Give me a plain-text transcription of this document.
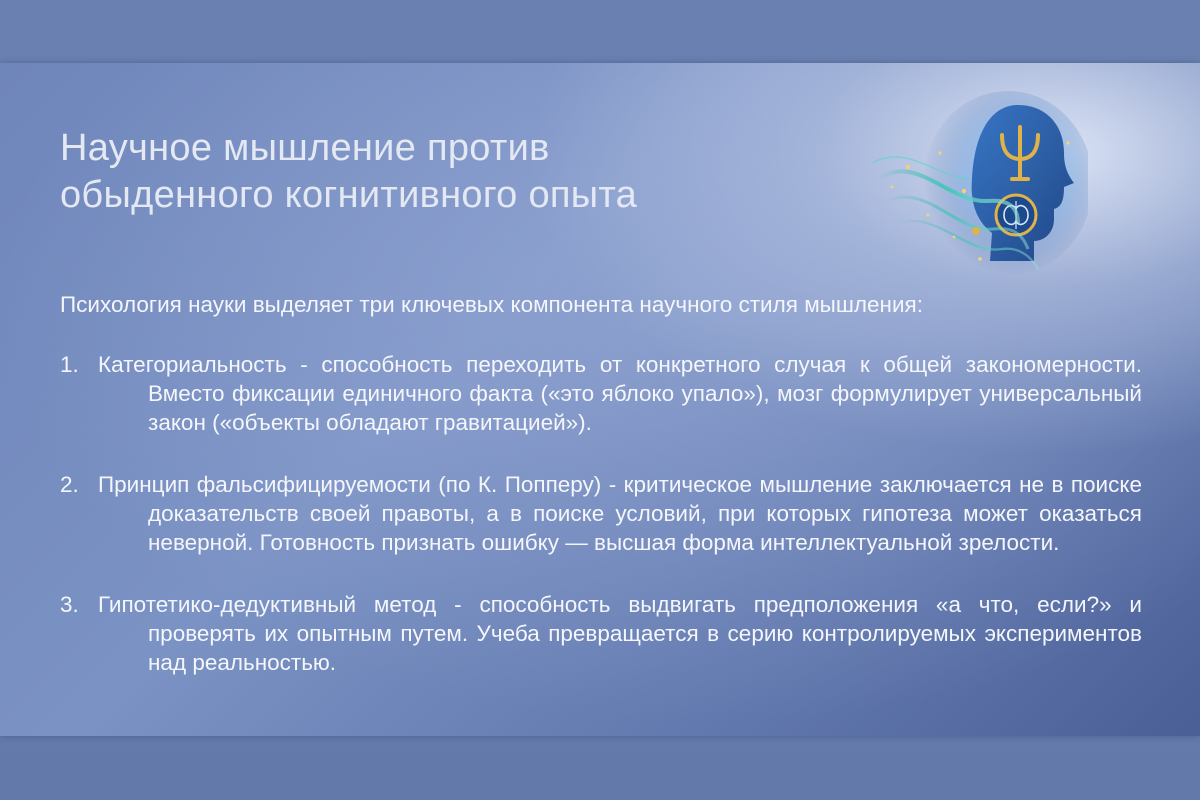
Научное мышление против
обыденного когнитивного опыта

Психология науки выделяет три ключевых компонента научного стиля мышления:

1. Категориальность - способность переходить от конкретного случая к общей закономерности. Вместо фиксации единичного факта («это яблоко упало»), мозг формулирует универсальный закон («объекты обладают гравитацией»).
2. Принцип фальсифицируемости (по К. Попперу) - критическое мышление заключается не в поиске доказательств своей правоты, а в поиске условий, при которых гипотеза может оказаться неверной. Готовность признать ошибку — высшая форма интеллектуальной зрелости.
3. Гипотетико-дедуктивный метод - способность выдвигать предположения «а что, если?» и проверять их опытным путем. Учеба превращается в серию контролируемых экспериментов над реальностью.
